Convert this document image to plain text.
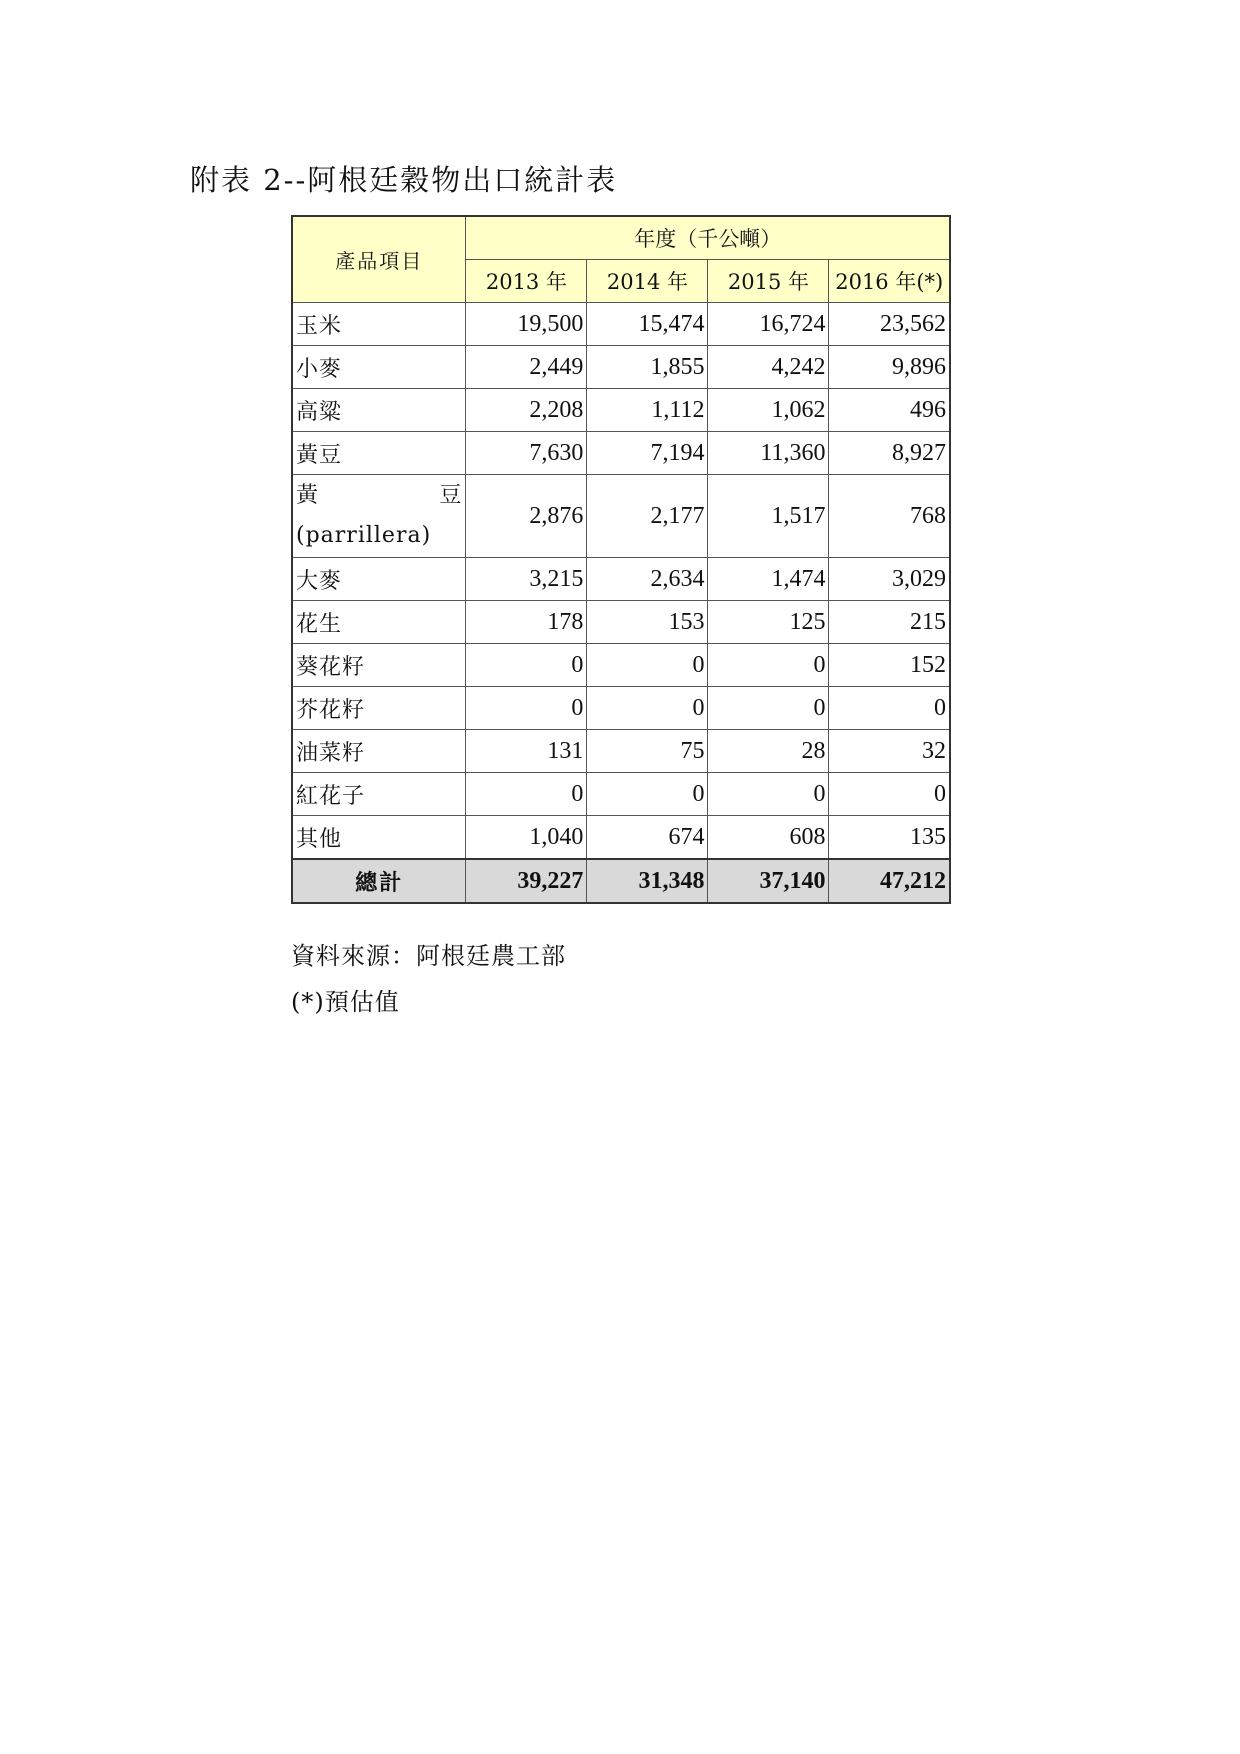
附表 2--阿根廷穀物出口統計表
產品項目	年度（千公噸）			
	2013 年	2014 年	2015 年	2016 年(*)
玉米	19,500	15,474	16,724	23,562
小麥	2,449	1,855	4,242	9,896
高粱	2,208	1,112	1,062	496
黃豆	7,630	7,194	11,360	8,927

黃 豆
(parrillera)	2,876	2,177	1,517	768
大麥	3,215	2,634	1,474	3,029
花生	178	153	125	215
葵花籽	0	0	0	152
芥花籽	0	0	0	0
油菜籽	131	75	28	32
紅花子	0	0	0	0
其他	1,040	674	608	135
總計	39,227	31,348	37,140	47,212
資料來源：阿根廷農工部
(*)預估值
